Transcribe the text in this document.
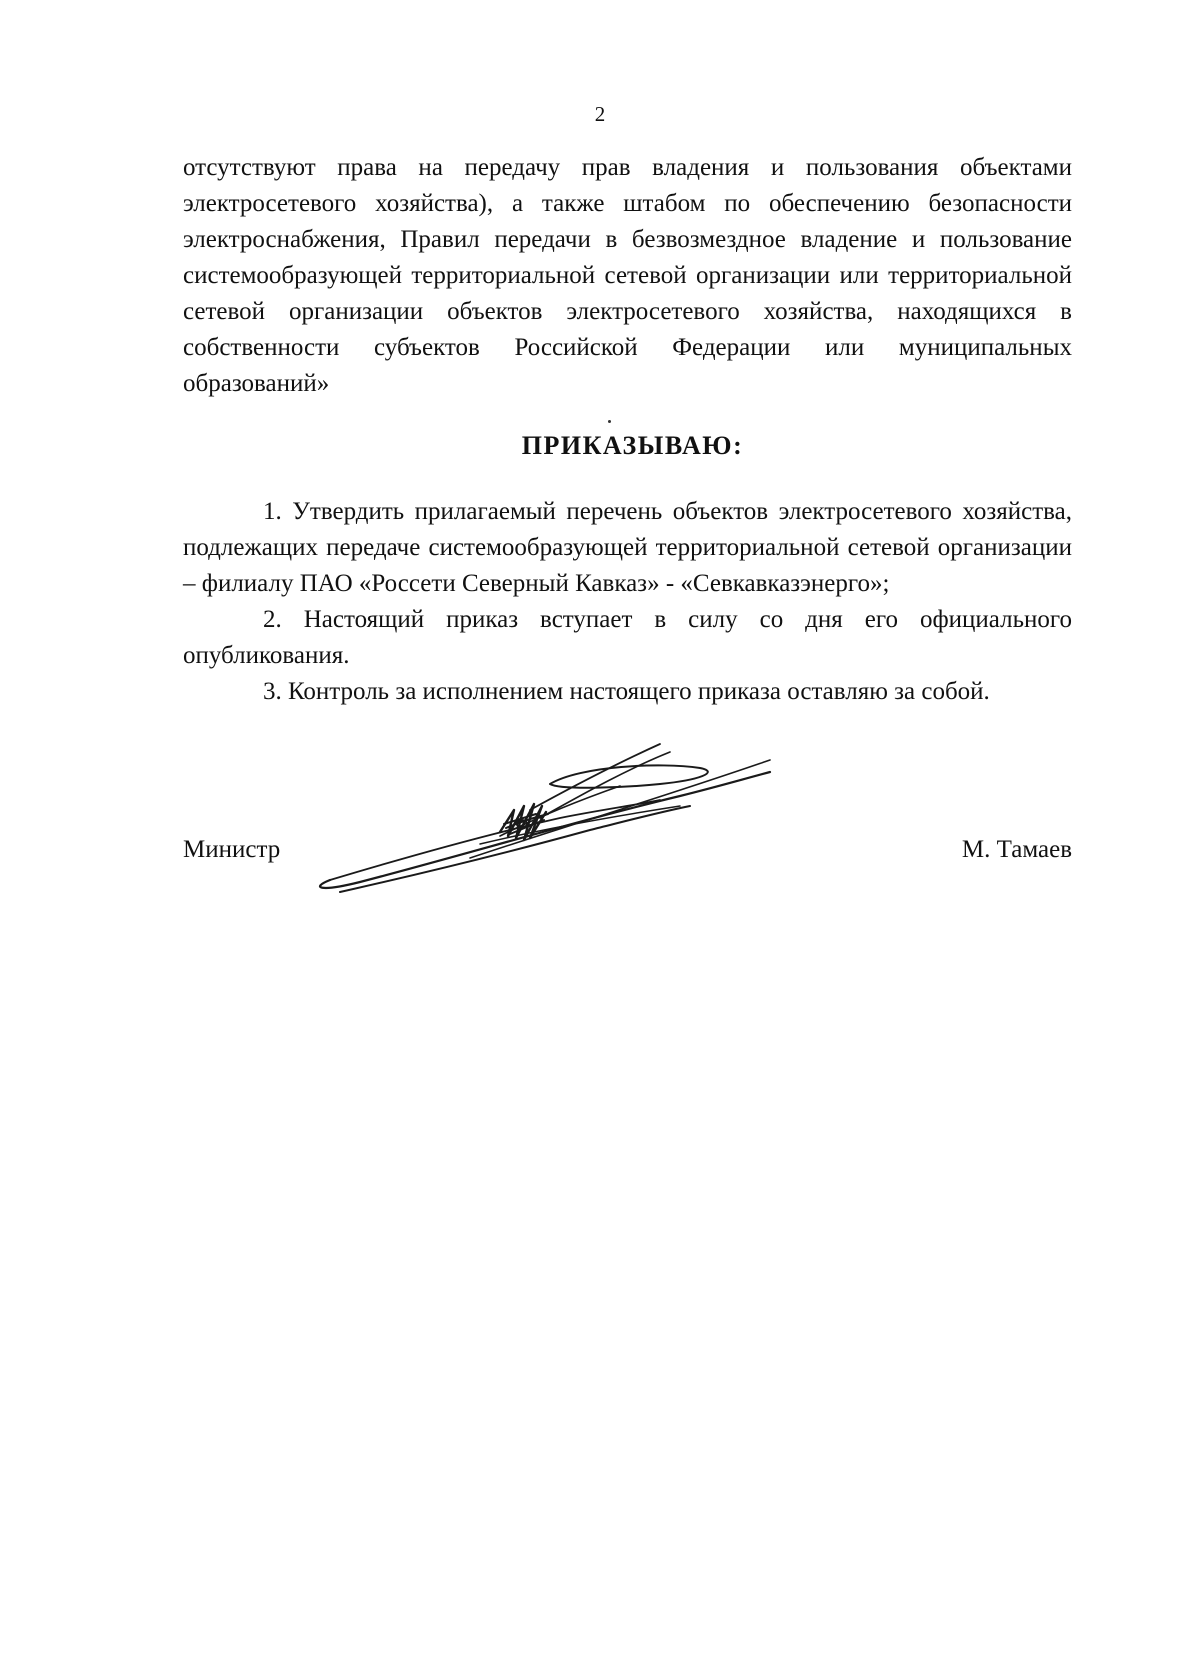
2
отсутствуют права на передачу прав владения и пользования объектами электросетевого хозяйства), а также штабом по обеспечению безопасности электроснабжения, Правил передачи в безвозмездное владение и пользование системообразующей территориальной сетевой организации или территориальной сетевой организации объектов электросетевого хозяйства, находящихся в собственности субъектов Российской Федерации или муниципальных образований»
ПРИКАЗЫВАЮ:

1. Утвердить прилагаемый перечень объектов электросетевого хозяйства, подлежащих передаче системообразующей территориальной сетевой организации – филиалу ПАО «Россети Северный Кавказ» - «Севкавказэнерго»;

2. Настоящий приказ вступает в силу со дня его официального опубликования.

3. Контроль за исполнением настоящего приказа оставляю за собой.

Министр	М. Тамаев
